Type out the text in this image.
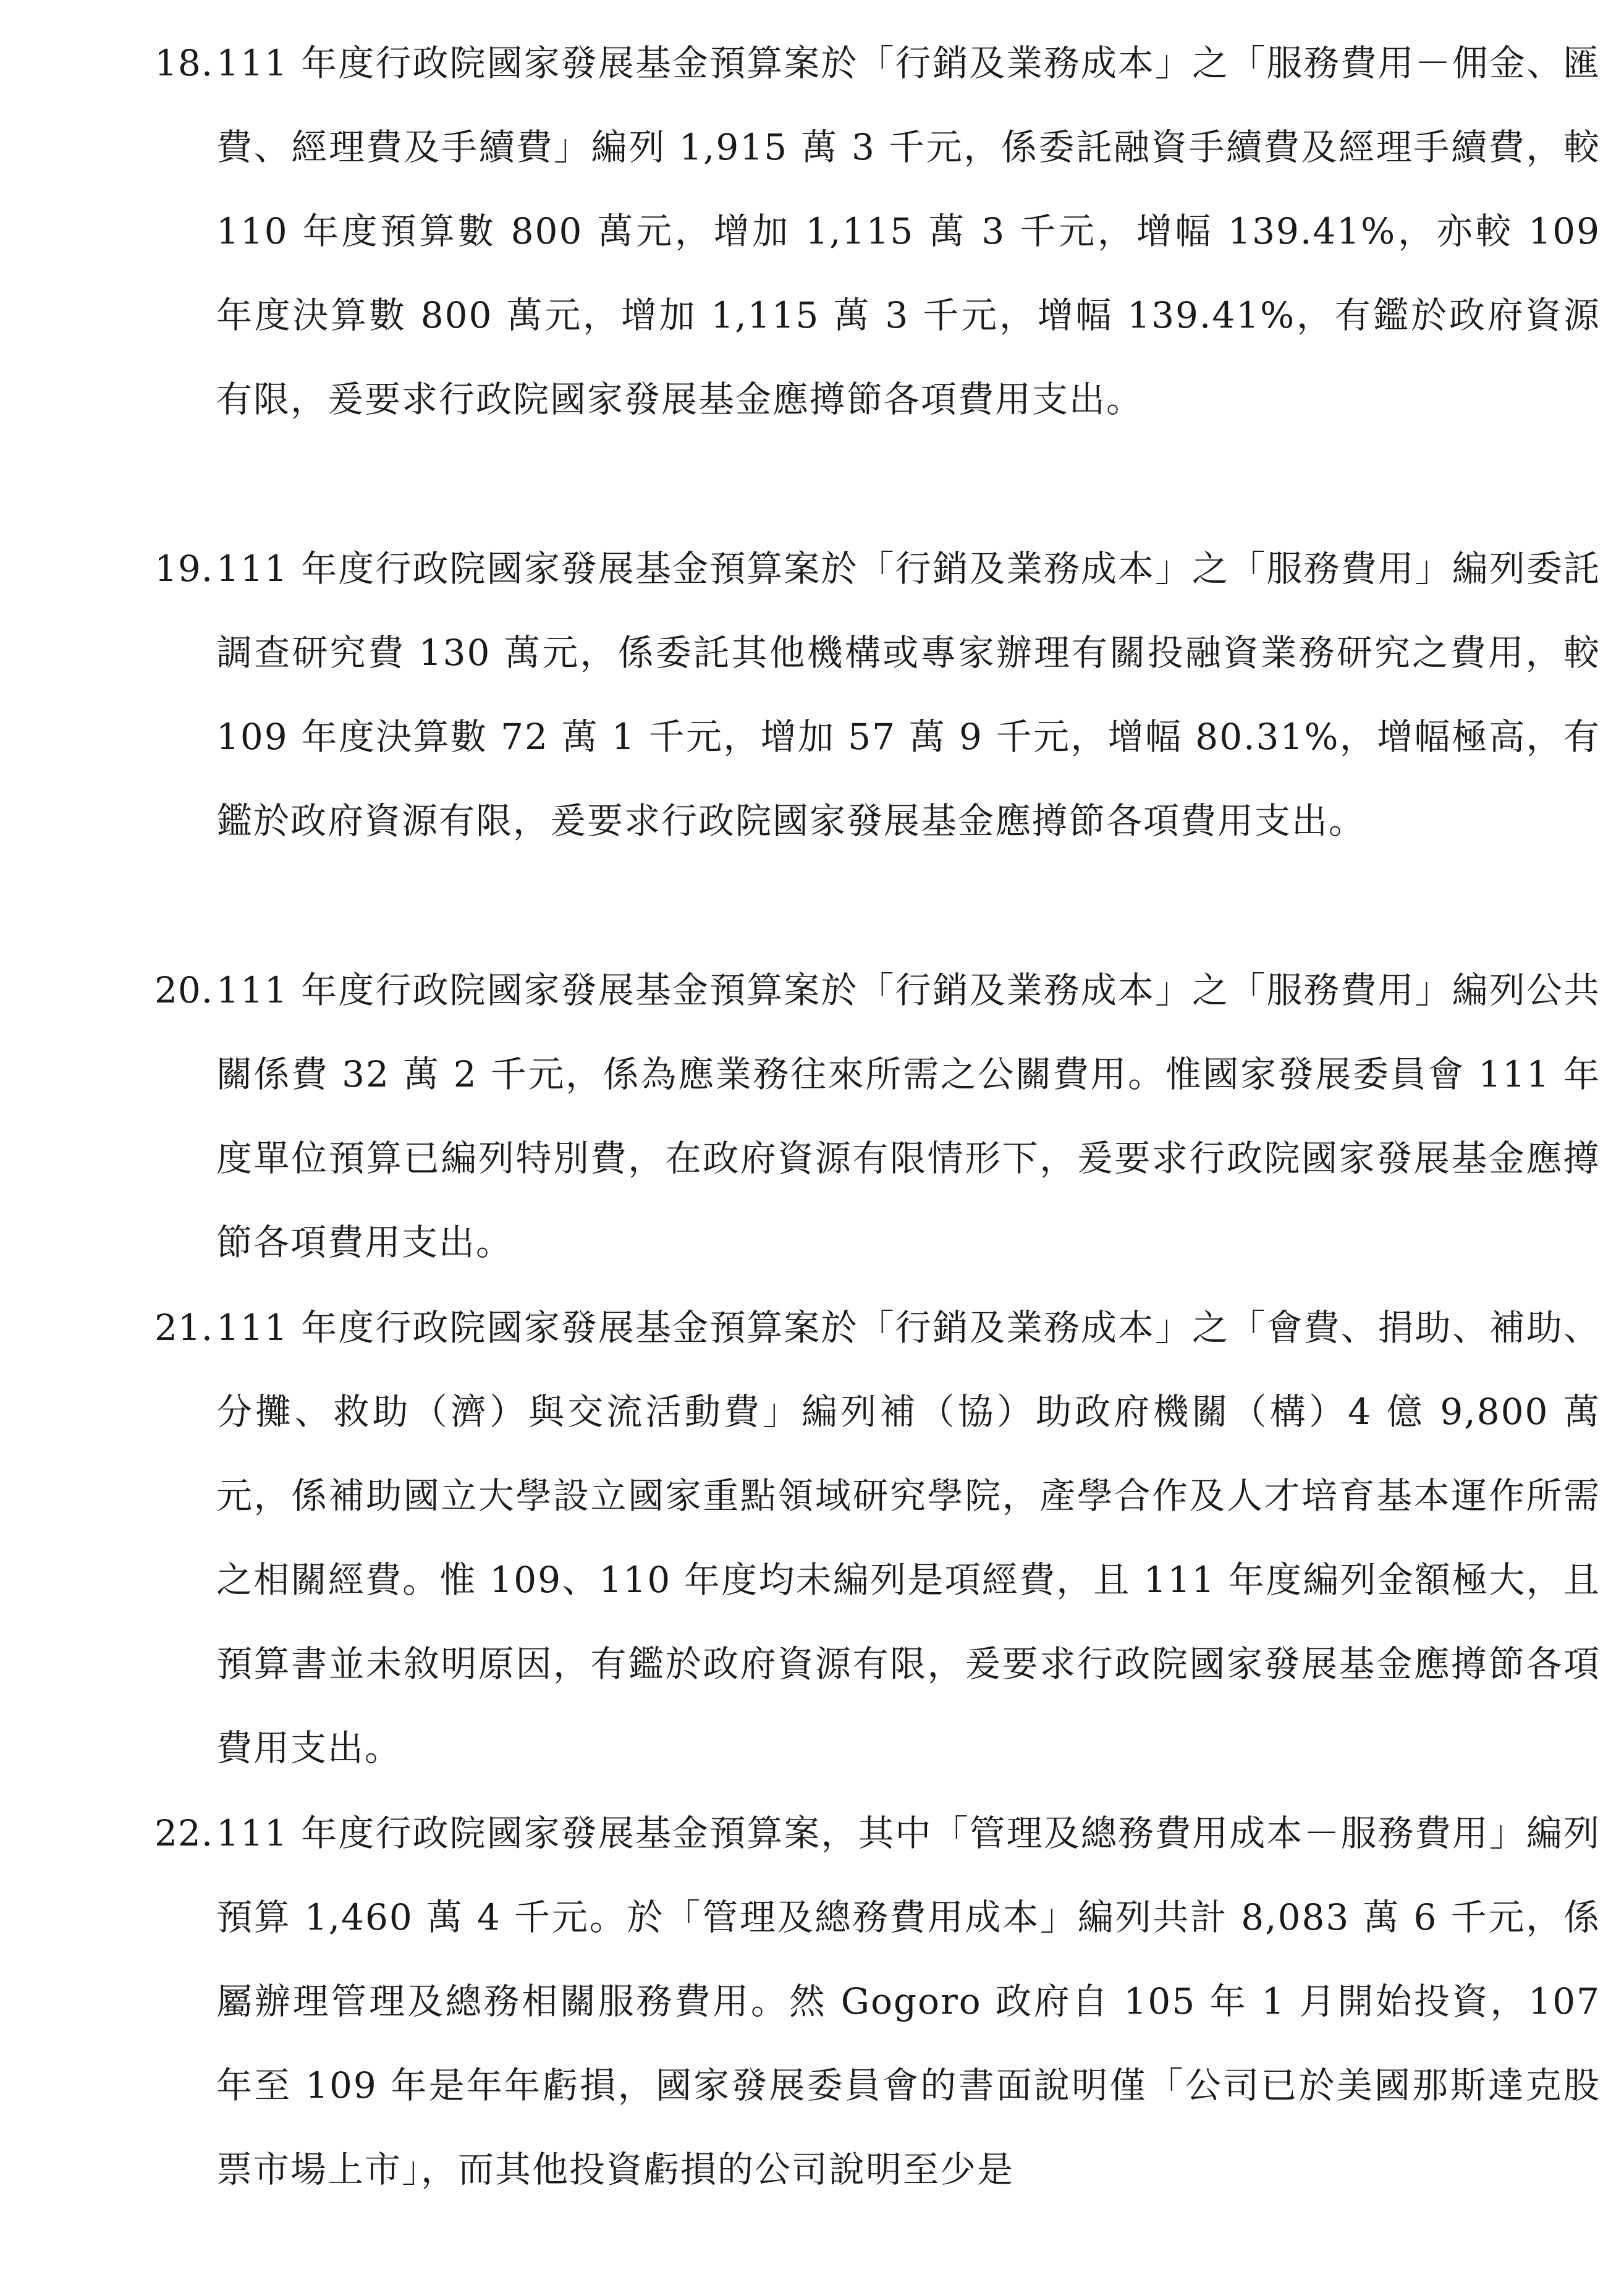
18. 111 年度行政院國家發展基金預算案於「行銷及業務成本」之「服務費用－佣金、匯費、經理費及手續費」編列 1,915 萬 3 千元，係委託融資手續費及經理手續費，較 110 年度預算數 800 萬元，增加 1,115 萬 3 千元，增幅 139.41%，亦較 109 年度決算數 800 萬元，增加 1,115 萬 3 千元，增幅 139.41%，有鑑於政府資源有限，爰要求行政院國家發展基金應撙節各項費用支出。

19. 111 年度行政院國家發展基金預算案於「行銷及業務成本」之「服務費用」編列委託調查研究費 130 萬元，係委託其他機構或專家辦理有關投融資業務研究之費用，較 109 年度決算數 72 萬 1 千元，增加 57 萬 9 千元，增幅 80.31%，增幅極高，有鑑於政府資源有限，爰要求行政院國家發展基金應撙節各項費用支出。

20. 111 年度行政院國家發展基金預算案於「行銷及業務成本」之「服務費用」編列公共關係費 32 萬 2 千元，係為應業務往來所需之公關費用。惟國家發展委員會 111 年度單位預算已編列特別費，在政府資源有限情形下，爰要求行政院國家發展基金應撙節各項費用支出。

21. 111 年度行政院國家發展基金預算案於「行銷及業務成本」之「會費、捐助、補助、分攤、救助（濟）與交流活動費」編列補（協）助政府機關（構）4 億 9,800 萬元，係補助國立大學設立國家重點領域研究學院，產學合作及人才培育基本運作所需之相關經費。惟 109、110 年度均未編列是項經費，且 111 年度編列金額極大，且預算書並未敘明原因，有鑑於政府資源有限，爰要求行政院國家發展基金應撙節各項費用支出。

22. 111 年度行政院國家發展基金預算案，其中「管理及總務費用成本－服務費用」編列預算 1,460 萬 4 千元。於「管理及總務費用成本」編列共計 8,083 萬 6 千元，係屬辦理管理及總務相關服務費用。然 Gogoro 政府自 105 年 1 月開始投資，107 年至 109 年是年年虧損，國家發展委員會的書面說明僅「公司已於美國那斯達克股票市場上市」，而其他投資虧損的公司說明至少是
